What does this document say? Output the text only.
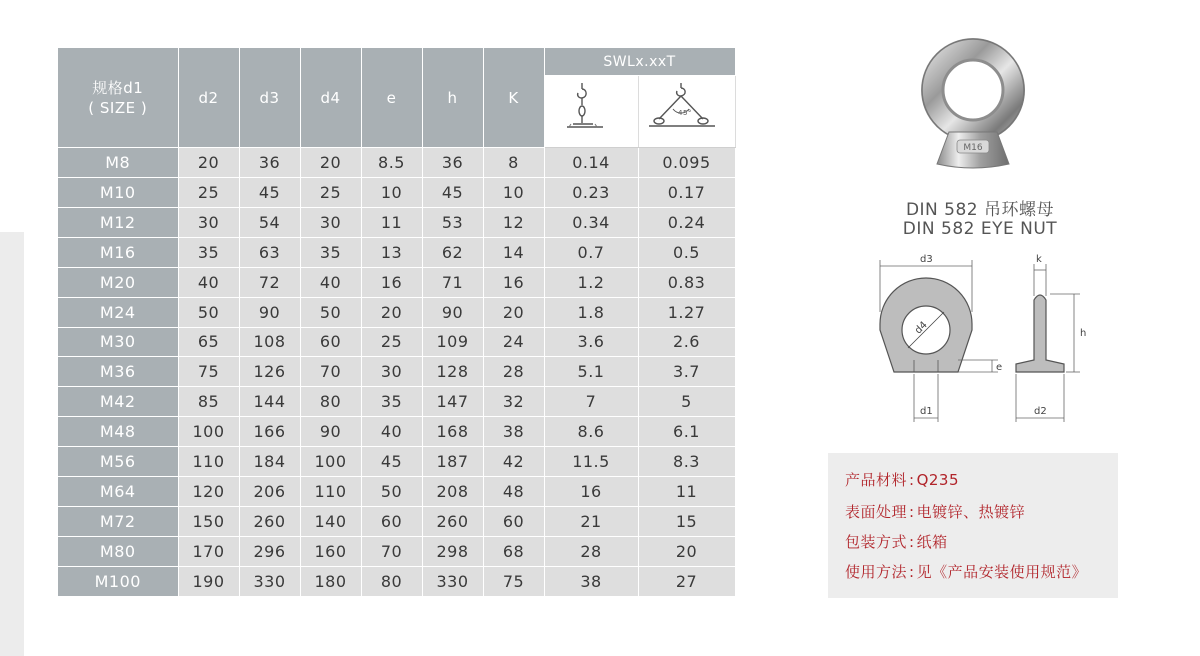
规格d1
( SIZE )	d2	d3	d4	e	h	K	SWLx.xxT	

45°

M8	20	36	20	8.5	36	8	0.14	0.095
M10	25	45	25	10	45	10	0.23	0.17
M12	30	54	30	11	53	12	0.34	0.24
M16	35	63	35	13	62	14	0.7	0.5
M20	40	72	40	16	71	16	1.2	0.83
M24	50	90	50	20	90	20	1.8	1.27
M30	65	108	60	25	109	24	3.6	2.6
M36	75	126	70	30	128	28	5.1	3.7
M42	85	144	80	35	147	32	7	5
M48	100	166	90	40	168	38	8.6	6.1
M56	110	184	100	45	187	42	11.5	8.3
M64	120	206	110	50	208	48	16	11
M72	150	260	140	60	260	60	21	15
M80	170	296	160	70	298	68	28	20
M100	190	330	180	80	330	75	38	27
M16
DIN 582 吊环螺母
DIN 582 EYE NUT
d3
d4
d1
e
k
h
d2
产品材料 : Q235
表面处理 : 电镀锌、热镀锌
包装方式 : 纸箱
使用方法 : 见《产品安装使用规范》
